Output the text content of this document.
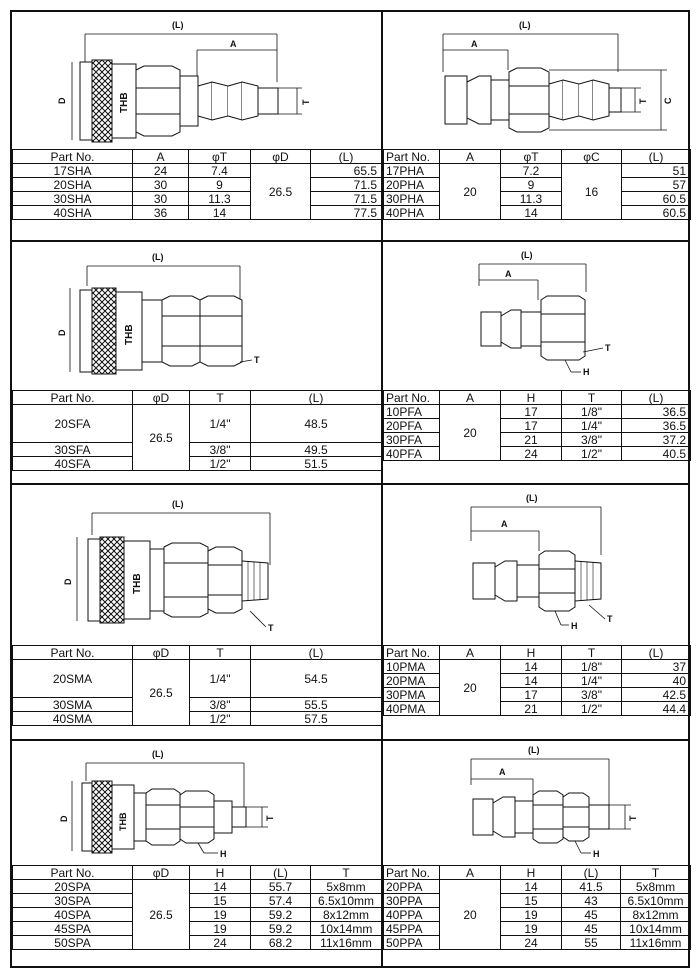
(L)
A
D	THB	T
Part No.	A	φT	φD	(L)
17SHA	24	7.4	26.5	65.5
20SHA	30	9		71.5
30SHA	30	11.3		71.5
40SHA	36	14		77.5
(L)
A
T C
Part No.	A	φT	φC	(L)
17PHA	20	7.2	16	51
20PHA		9		57
30PHA		11.3		60.5
40PHA		14		60.5
(L)
D	THB
T
Part No.	φD	T	(L)
20SFA	26.5	1/4"	48.5
30SFA		3/8"	49.5
40SFA		1/2"	51.5
(L)
A
T
H
Part No.	A	H	T	(L)
10PFA	20	17	1/8"	36.5
20PFA		17	1/4"	36.5
30PFA		21	3/8"	37.2
40PFA		24	1/2"	40.5
(L)
D	THB
T
Part No.	φD	T	(L)
20SMA	26.5	1/4"	54.5
30SMA		3/8"	55.5
40SMA		1/2"	57.5
(L)
A
T
H
Part No.	A	H	T	(L)
10PMA	20	14	1/8"	37
20PMA		14	1/4"	40
30PMA		17	3/8"	42.5
40PMA		21	1/2"	44.4
(L)
D	THB	T
H
Part No.	φD	H	(L)	T
20SPA	26.5	14	55.7	5x8mm
30SPA		15	57.4	6.5x10mm
40SPA		19	59.2	8x12mm
45SPA		19	59.2	10x14mm
50SPA		24	68.2	11x16mm
(L)
A
T
H
Part No.	A	H	(L)	T
20PPA	20	14	41.5	5x8mm
30PPA		15	43	6.5x10mm
40PPA		19	45	8x12mm
45PPA		19	45	10x14mm
50PPA		24	55	11x16mm
